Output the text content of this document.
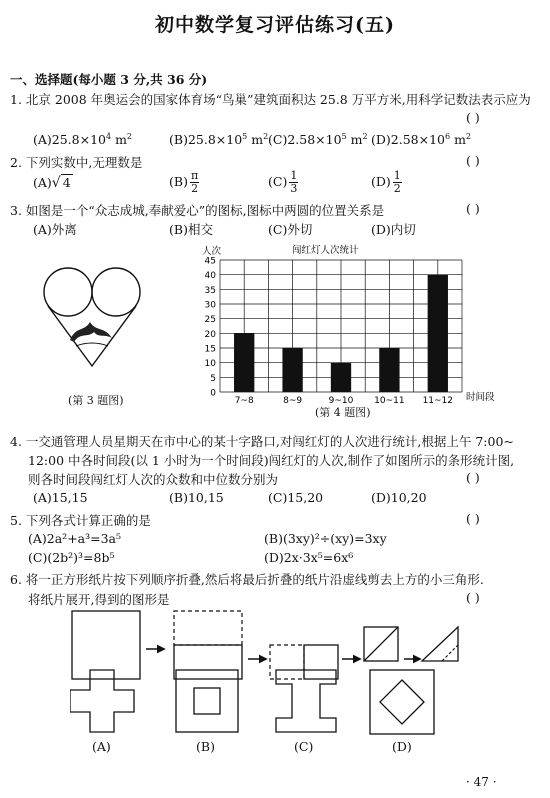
初中数学复习评估练习(五)
一、选择题(每小题 3 分,共 36 分)
1. 北京 2008 年奥运会的国家体育场“鸟巢”建筑面积达 25.8 万平方米,用科学记数法表示应为
( )
$(A)25.8\times 10^4$ $m^2$	$(B)25.8\times 10^5$ $m^2$ $(C)2.58\times 10^5$ $m^2$ $(D)2.58\times 10^6$ $m^2$
2. 下列实数中,无理数是	( )
(A)√ 4	$(B) \frac{\pi}{2}$	$(C) \frac{1}{3}$	$(D) \frac{1}{2}$
3. 如图是一个“众志成城,奉献爱心”的图标,图标中两圆的位置关系是	( )
(A)外离	(B)相交	(C)外切	(D)内切
(第 3 题图)
人次	闯红灯人次统计
0
5
10
15
20
25
30
35
40
45
7~8	8~9	9~10 10~11 11~12 时间段
(第 4 题图)
4. 一交通管理人员星期天在市中心的某十字路口,对闯红灯的人次进行统计,根据上午 7:00~
12:00 中各时间段(以 1 小时为一个时间段)闯红灯的人次,制作了如图所示的条形统计图,
则各时间段闯红灯人次的众数和中位数分别为	( )
(A)15,15	(B)10,15	(C)15,20	(D)10,20
5. 下列各式计算正确的是	( )
(A)2a²+a³=3a⁵	(B)(3xy)²÷(xy)=3xy
(C)(2b²)³=8b⁵	(D)2x·3x⁵=6x⁶
6. 将一正方形纸片按下列顺序折叠,然后将最后折叠的纸片沿虚线剪去上方的小三角形.
将纸片展开,得到的图形是	( )
(A)	(B)	(C)	(D)
· 47 ·
